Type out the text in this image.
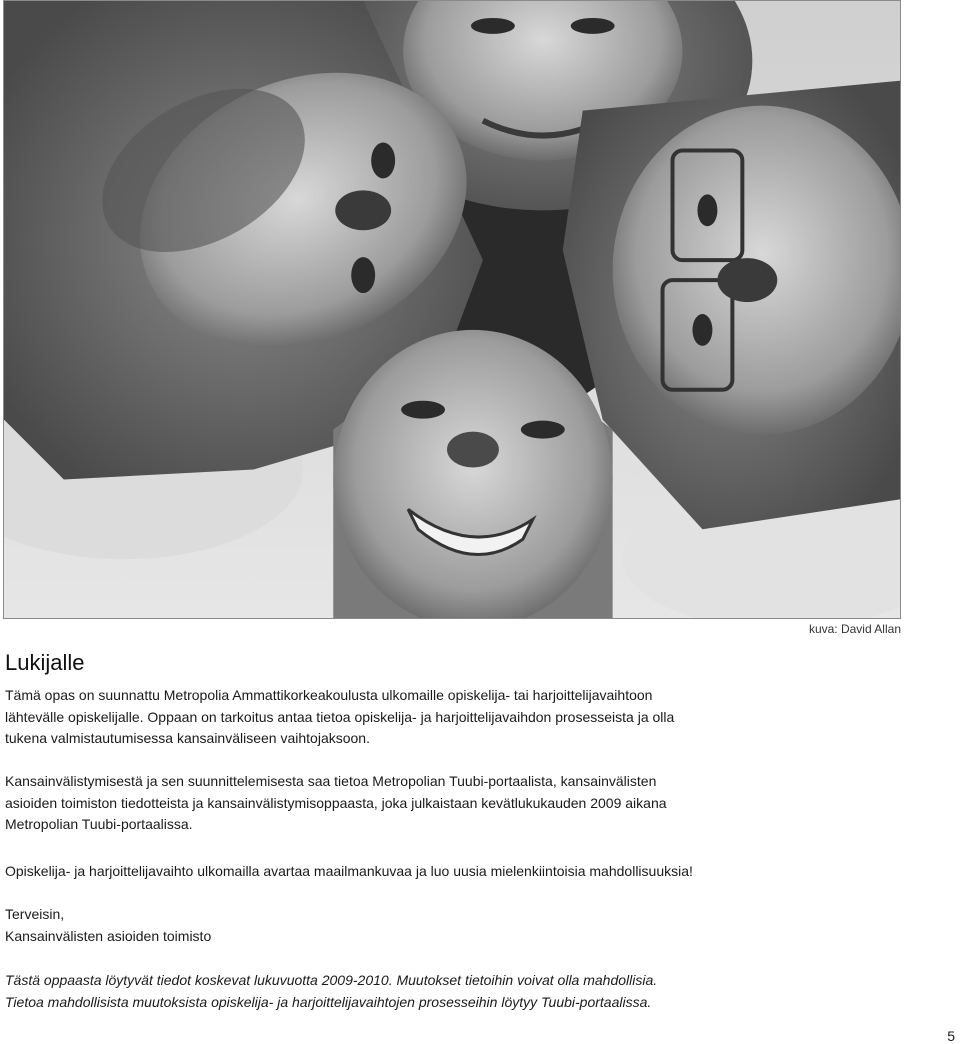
kuva: David Allan
Lukijalle

Tämä opas on suunnattu Metropolia Ammattikorkeakoulusta ulkomaille opiskelija- tai harjoittelijavaihtoon
lähtevälle opiskelijalle. Oppaan on tarkoitus antaa tietoa opiskelija- ja harjoittelijavaihdon prosesseista ja olla
tukena valmistautumisessa kansainväliseen vaihtojaksoon.

Kansainvälistymisestä ja sen suunnittelemisesta saa tietoa Metropolian Tuubi-portaalista, kansainvälisten
asioiden toimiston tiedotteista ja kansainvälistymisoppaasta, joka julkaistaan kevätlukukauden 2009 aikana
Metropolian Tuubi-portaalissa.

Opiskelija- ja harjoittelijavaihto ulkomailla avartaa maailmankuvaa ja luo uusia mielenkiintoisia mahdollisuuksia!

Terveisin,
Kansainvälisten asioiden toimisto

Tästä oppaasta löytyvät tiedot koskevat lukuvuotta 2009-2010. Muutokset tietoihin voivat olla mahdollisia.
Tietoa mahdollisista muutoksista opiskelija- ja harjoittelijavaihtojen prosesseihin löytyy Tuubi-portaalissa.

5
